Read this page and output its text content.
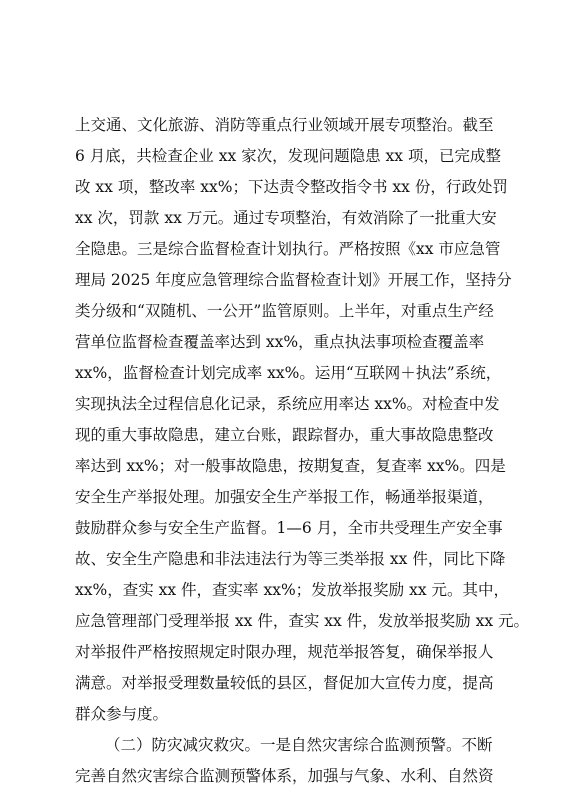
上交通、文化旅游、消防等重点行业领域开展专项整治。截至
6 月底，共检查企业 xx 家次，发现问题隐患 xx 项，已完成整
改 xx 项，整改率 xx%；下达责令整改指令书 xx 份，行政处罚
xx 次，罚款 xx 万元。通过专项整治，有效消除了一批重大安
全隐患。三是综合监督检查计划执行。严格按照《xx 市应急管
理局 2025 年度应急管理综合监督检查计划》开展工作，坚持分
类分级和“双随机、一公开”监管原则。上半年，对重点生产经
营单位监督检查覆盖率达到 xx%，重点执法事项检查覆盖率
xx%，监督检查计划完成率 xx%。运用“互联网＋执法”系统，
实现执法全过程信息化记录，系统应用率达 xx%。对检查中发
现的重大事故隐患，建立台账，跟踪督办，重大事故隐患整改
率达到 xx%；对一般事故隐患，按期复查，复查率 xx%。四是
安全生产举报处理。加强安全生产举报工作，畅通举报渠道，
鼓励群众参与安全生产监督。1—6 月，全市共受理生产安全事
故、安全生产隐患和非法违法行为等三类举报 xx 件，同比下降
xx%，查实 xx 件，查实率 xx%；发放举报奖励 xx 元。其中，
应急管理部门受理举报 xx 件，查实 xx 件，发放举报奖励 xx 元。
对举报件严格按照规定时限办理，规范举报答复，确保举报人
满意。对举报受理数量较低的县区，督促加大宣传力度，提高
群众参与度。
（二）防灾减灾救灾。一是自然灾害综合监测预警。不断
完善自然灾害综合监测预警体系，加强与气象、水利、自然资
